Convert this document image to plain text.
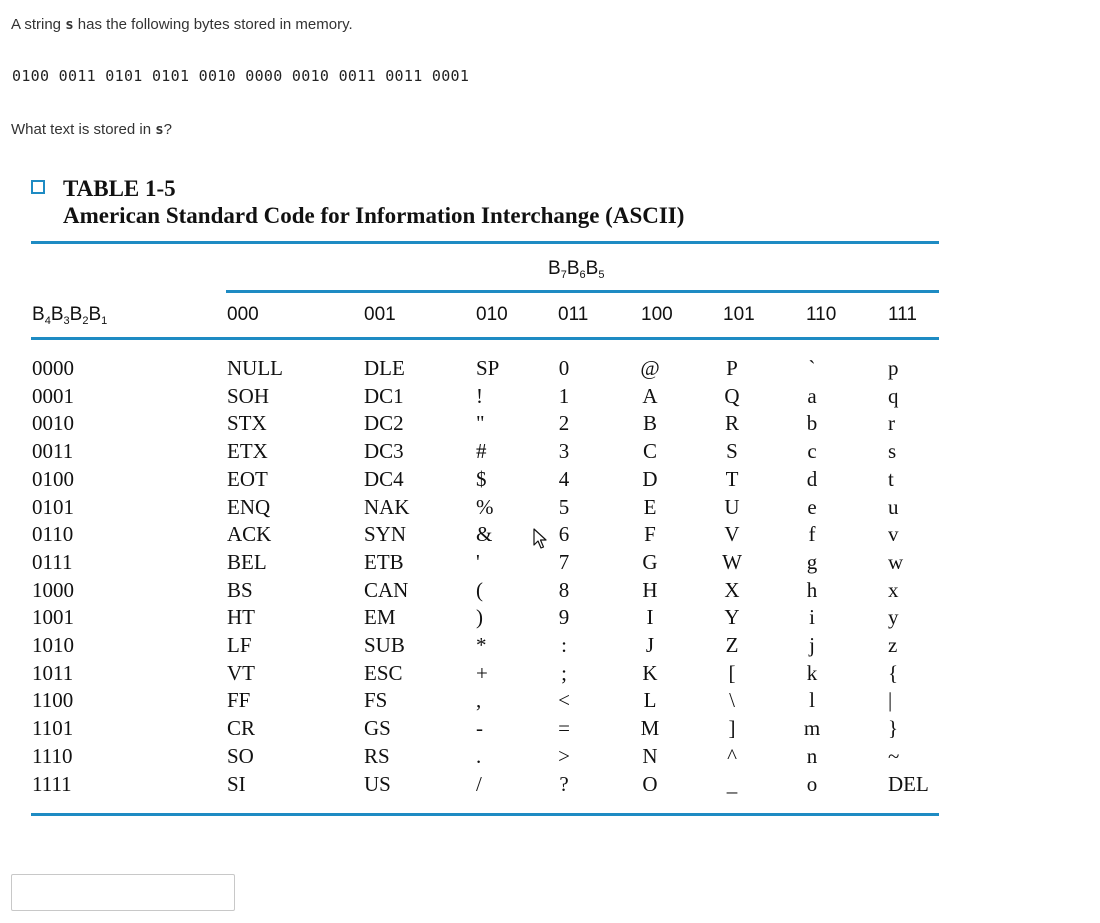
A string s has the following bytes stored in memory.
0100 0011 0101 0101 0010 0000 0010 0011 0011 0001
What text is stored in s?
TABLE 1-5
American Standard Code for Information Interchange (ASCII)
$B_7B_6B_5$
$B_4B_3B_2B_1$	000	001	010	011	100	101	110	111
0000	NULL	DLE	SP	0	@	P	`	p
0001	SOH	DC1	!	1	A	Q	a	q
0010	STX	DC2	"	2	B	R	b	r
0011	ETX	DC3	#	3	C	S	c	s
0100	EOT	DC4	$	4	D	T	d	t
0101	ENQ	NAK	%	5	E	U	e	u
0110	ACK	SYN	&	6	F	V	f	v
0111	BEL	ETB	'	7	G	W	g	w
1000	BS	CAN	(	8	H	X	h	x
1001	HT	EM	)	9	I	Y	i	y
1010	LF	SUB	*	:	J	Z	j	z
1011	VT	ESC	+	;	K	[	k	{
1100	FF	FS	,	<	L	\	l	|
1101	CR	GS	-	=	M	]	m	}
1110	SO	RS	.	>	N	^	n	~
1111	SI	US	/	?	O	_	o	DEL
